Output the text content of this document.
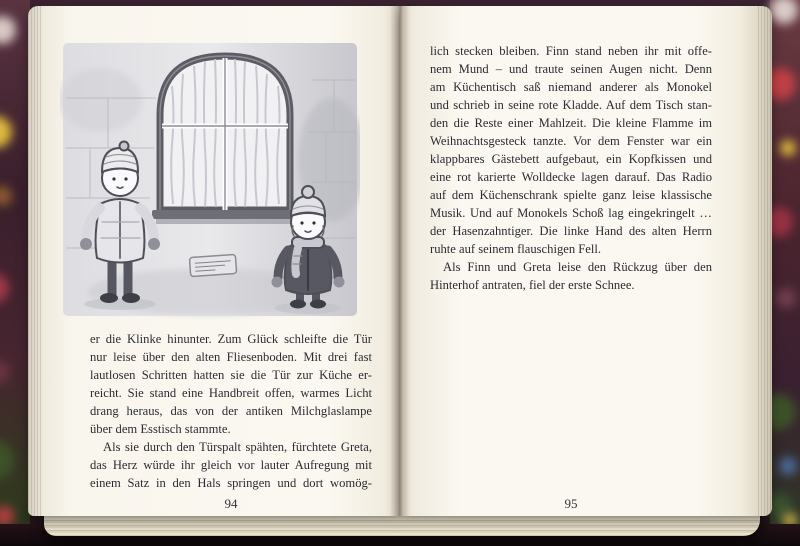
er die Klinke hinunter. Zum Glück schleifte die Tür
nur leise über den alten Fliesenboden. Mit drei fast
lautlosen Schritten hatten sie die Tür zur Küche er-
reicht. Sie stand eine Handbreit offen, warmes Licht
drang heraus, das von der antiken Milchglaslampe
über dem Esstisch stammte.
Als sie durch den Türspalt spähten, fürchtete Greta,
das Herz würde ihr gleich vor lauter Aufregung mit
einem Satz in den Hals springen und dort womög-
94
lich stecken bleiben. Finn stand neben ihr mit offe-
nem Mund – und traute seinen Augen nicht. Denn
am Küchentisch saß niemand anderer als Monokel
und schrieb in seine rote Kladde. Auf dem Tisch stan-
den die Reste einer Mahlzeit. Die kleine Flamme im
Weihnachtsgesteck tanzte. Vor dem Fenster war ein
klappbares Gästebett aufgebaut, ein Kopfkissen und
eine rot karierte Wolldecke lagen darauf. Das Radio
auf dem Küchenschrank spielte ganz leise klassische
Musik. Und auf Monokels Schoß lag eingekringelt …
der Hasenzahntiger. Die linke Hand des alten Herrn
ruhte auf seinem flauschigen Fell.
Als Finn und Greta leise den Rückzug über den
Hinterhof antraten, fiel der erste Schnee.
95
